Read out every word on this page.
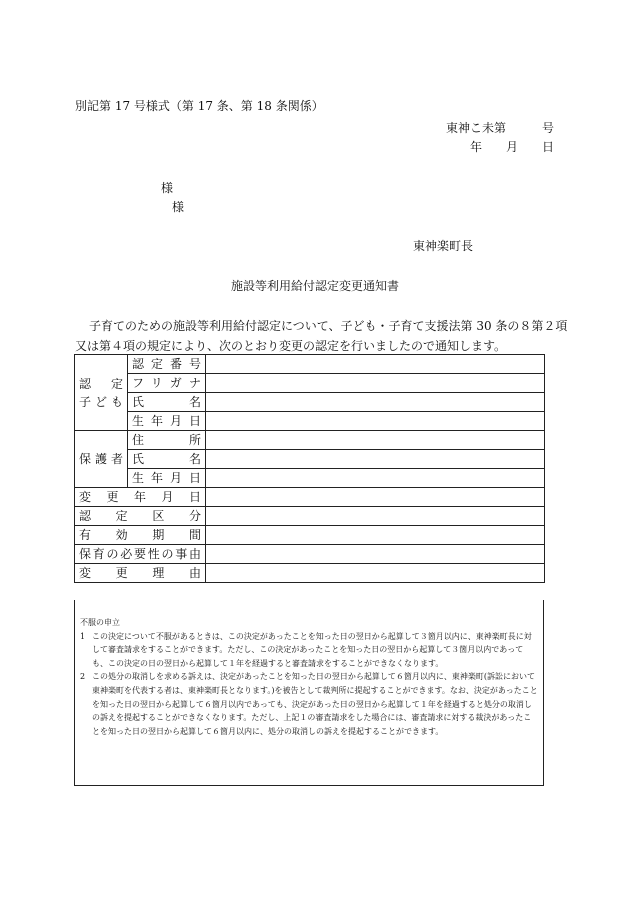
別記第 17 号様式（第 17 条、第 18 条関係）
東神こ未第　　　号
年　　月　　日
様
様
東神楽町長
施設等利用給付認定変更通知書
子育てのための施設等利用給付認定について、子ども・子育て支援法第 30 条の８第２項
又は第４項の規定により、次のとおり変更の認定を行いましたので通知します。
認　定
子ども	認定番号	

	フリガナ	

	氏名	

	生年月日	

保護者	住所	

	氏名	

	生年月日	

変更年月日		

認定区分		

有効期間		

保育の必要性の事由		

変更理由		

不服の申立
1 この決定について不服があるときは、この決定があったことを知った日の翌日から起算して３箇月以内に、東神楽町長に対して審査請求をすることができます。ただし、この決定があったことを知った日の翌日から起算して３箇月以内であっても、この決定の日の翌日から起算して１年を経過すると審査請求をすることができなくなります。
2 この処分の取消しを求める訴えは、決定があったことを知った日の翌日から起算して６箇月以内に、東神楽町(訴訟において東神楽町を代表する者は、東神楽町長となります。)を被告として裁判所に提起することができます。なお、決定があったことを知った日の翌日から起算して６箇月以内であっても、決定があった日の翌日から起算して１年を経過すると処分の取消しの訴えを提起することができなくなります。ただし、上記１の審査請求をした場合には、審査請求に対する裁決があったことを知った日の翌日から起算して６箇月以内に、処分の取消しの訴えを提起することができます。
